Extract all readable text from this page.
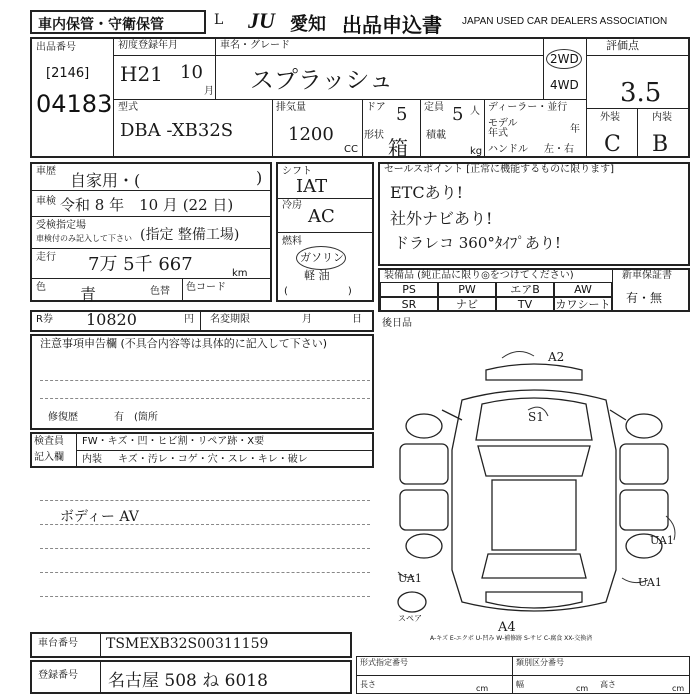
車内保管・守衛保管	L JU 愛知 出品申込書 JAPAN USED CAR DEALERS ASSOCIATION
出品番号
[2146]
04183
初度登録年月
H21 10
月
車名・グレード
スプラッシュ
2WD
4WD
評価点
3.5
外装	内装
C B
型式
DBA -XB32S
排気量
1200
CC
ドア 5 定員 5 人
形状
箱
積載
kg
ディーラー・並行
モデル
年式	年
ハンドル 左・右
車歴 自家用・(	)
車検 令和 8 年　10 月 (22 日)
受検指定場
車検付のみ記入して下さい (指定 整備工場)
走行 7万 5千 667	km
色 青	色替 色コード
シフト
IAT
冷房
AC
燃料
ガソリン
軽 油
(　　　　　　)
R券 10820	円 名変期限	月	日
セールスポイント [正常に機能するものに限ります]
ETCあり!
社外ナビあり!
ドラレコ 360°ﾀｲﾌﾟあり!
装備品 (純正品に限り◎をつけてください)	新車保証書
有・無
PS	PW	エアB	AW
SR	ナビ	TV	カワシート
後日品
注意事項申告欄 (不具合内容等は具体的に記入して下さい)
修復歴	有　(箇所
ボディー AV
検査員
記入欄
FW・キズ・凹・ヒビ割・リペア跡・X要
内装 キズ・汚レ・コゲ・穴・スレ・キレ・破レ
A2
S1
UA1
UA1	UA1
A4
スペア
A-キズ E-エクボ U-凹み W-補修跡 S-サビ C-腐食 XX-交換済
車台番号 TSMEXB32S00311159
登録番号 名古屋 508 ね 6018
形式指定番号	類別区分番号
長さ	cm	幅	cm 高さ	cm
